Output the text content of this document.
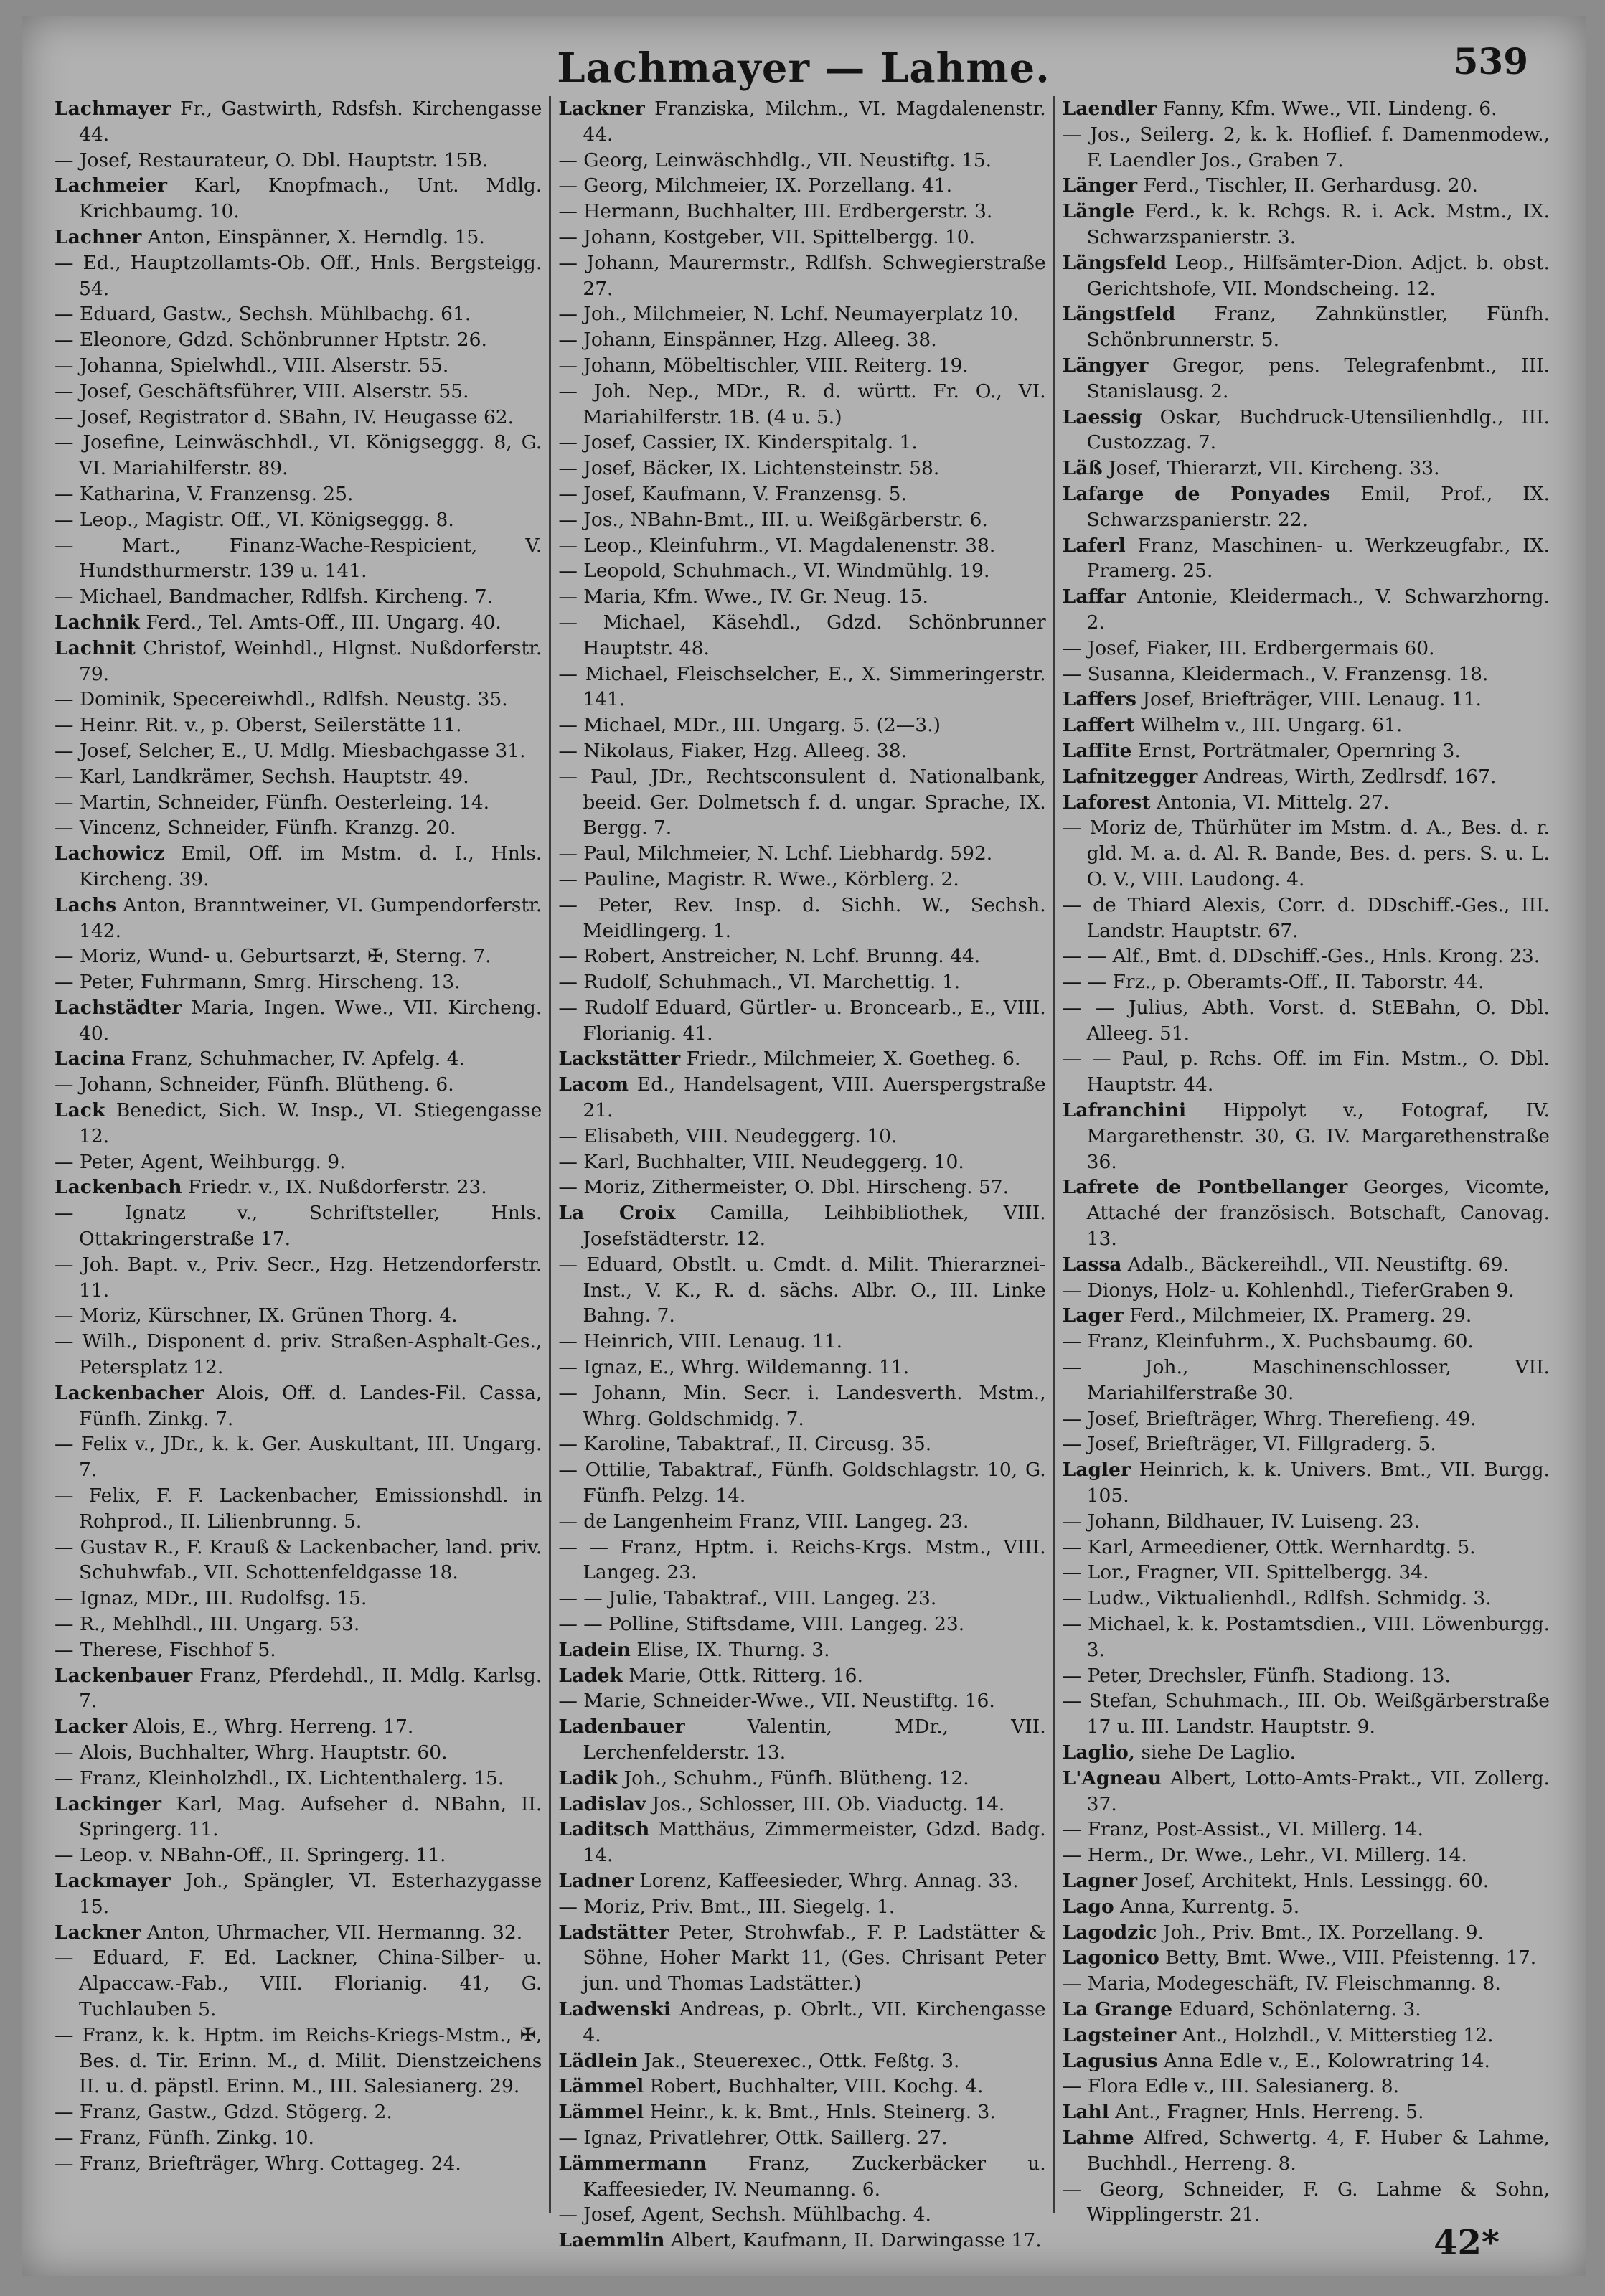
Lachmayer — Lahme.	539

Lachmayer Fr., Gastwirth, Rdsfsh. Kirchengasse 44.

— Josef, Restaurateur, O. Dbl. Hauptstr. 15B.

Lachmeier Karl, Knopfmach., Unt. Mdlg. Krichbaumg. 10.

Lachner Anton, Einspänner, X. Herndlg. 15.

— Ed., Hauptzollamts-Ob. Off., Hnls. Bergsteigg. 54.

— Eduard, Gastw., Sechsh. Mühlbachg. 61.

— Eleonore, Gdzd. Schönbrunner Hptstr. 26.

— Johanna, Spielwhdl., VIII. Alserstr. 55.

— Josef, Geschäftsführer, VIII. Alserstr. 55.

— Josef, Registrator d. SBahn, IV. Heugasse 62.

— Josefine, Leinwäschhdl., VI. Königseggg. 8, G. VI. Mariahilferstr. 89.

— Katharina, V. Franzensg. 25.

— Leop., Magistr. Off., VI. Königseggg. 8.

— Mart., Finanz-Wache-Respicient, V. Hundsthurmerstr. 139 u. 141.

— Michael, Bandmacher, Rdlfsh. Kircheng. 7.

Lachnik Ferd., Tel. Amts-Off., III. Ungarg. 40.

Lachnit Christof, Weinhdl., Hlgnst. Nußdorferstr. 79.

— Dominik, Specereiwhdl., Rdlfsh. Neustg. 35.

— Heinr. Rit. v., p. Oberst, Seilerstätte 11.

— Josef, Selcher, E., U. Mdlg. Miesbachgasse 31.

— Karl, Landkrämer, Sechsh. Hauptstr. 49.

— Martin, Schneider, Fünfh. Oesterleing. 14.

— Vincenz, Schneider, Fünfh. Kranzg. 20.

Lachowicz Emil, Off. im Mstm. d. I., Hnls. Kircheng. 39.

Lachs Anton, Branntweiner, VI. Gumpendorferstr. 142.

— Moriz, Wund- u. Geburtsarzt, ✠, Sterng. 7.

— Peter, Fuhrmann, Smrg. Hirscheng. 13.

Lachstädter Maria, Ingen. Wwe., VII. Kircheng. 40.

Lacina Franz, Schuhmacher, IV. Apfelg. 4.

— Johann, Schneider, Fünfh. Blütheng. 6.

Lack Benedict, Sich. W. Insp., VI. Stiegengasse 12.

— Peter, Agent, Weihburgg. 9.

Lackenbach Friedr. v., IX. Nußdorferstr. 23.

— Ignatz v., Schriftsteller, Hnls. Ottakringerstraße 17.

— Joh. Bapt. v., Priv. Secr., Hzg. Hetzendorferstr. 11.

— Moriz, Kürschner, IX. Grünen Thorg. 4.

— Wilh., Disponent d. priv. Straßen-Asphalt-Ges., Petersplatz 12.

Lackenbacher Alois, Off. d. Landes-Fil. Cassa, Fünfh. Zinkg. 7.

— Felix v., JDr., k. k. Ger. Auskultant, III. Ungarg. 7.

— Felix, F. F. Lackenbacher, Emissionshdl. in Rohprod., II. Lilienbrunng. 5.

— Gustav R., F. Krauß & Lackenbacher, land. priv. Schuhwfab., VII. Schottenfeldgasse 18.

— Ignaz, MDr., III. Rudolfsg. 15.

— R., Mehlhdl., III. Ungarg. 53.

— Therese, Fischhof 5.

Lackenbauer Franz, Pferdehdl., II. Mdlg. Karlsg. 7.

Lacker Alois, E., Whrg. Herreng. 17.

— Alois, Buchhalter, Whrg. Hauptstr. 60.

— Franz, Kleinholzhdl., IX. Lichtenthalerg. 15.

Lackinger Karl, Mag. Aufseher d. NBahn, II. Springerg. 11.

— Leop. v. NBahn-Off., II. Springerg. 11.

Lackmayer Joh., Spängler, VI. Esterhazygasse 15.

Lackner Anton, Uhrmacher, VII. Hermanng. 32.

— Eduard, F. Ed. Lackner, China-Silber- u. Alpaccaw.-Fab., VIII. Florianig. 41, G. Tuchlauben 5.

— Franz, k. k. Hptm. im Reichs-Kriegs-Mstm., ✠, Bes. d. Tir. Erinn. M., d. Milit. Dienstzeichens II. u. d. päpstl. Erinn. M., III. Salesianerg. 29.

— Franz, Gastw., Gdzd. Stögerg. 2.

— Franz, Fünfh. Zinkg. 10.

— Franz, Briefträger, Whrg. Cottageg. 24.

Lackner Franziska, Milchm., VI. Magdalenenstr. 44.

— Georg, Leinwäschhdlg., VII. Neustiftg. 15.

— Georg, Milchmeier, IX. Porzellang. 41.

— Hermann, Buchhalter, III. Erdbergerstr. 3.

— Johann, Kostgeber, VII. Spittelbergg. 10.

— Johann, Maurermstr., Rdlfsh. Schwegierstraße 27.

— Joh., Milchmeier, N. Lchf. Neumayerplatz 10.

— Johann, Einspänner, Hzg. Alleeg. 38.

— Johann, Möbeltischler, VIII. Reiterg. 19.

— Joh. Nep., MDr., R. d. württ. Fr. O., VI. Mariahilferstr. 1B. (4 u. 5.)

— Josef, Cassier, IX. Kinderspitalg. 1.

— Josef, Bäcker, IX. Lichtensteinstr. 58.

— Josef, Kaufmann, V. Franzensg. 5.

— Jos., NBahn-Bmt., III. u. Weißgärberstr. 6.

— Leop., Kleinfuhrm., VI. Magdalenenstr. 38.

— Leopold, Schuhmach., VI. Windmühlg. 19.

— Maria, Kfm. Wwe., IV. Gr. Neug. 15.

— Michael, Käsehdl., Gdzd. Schönbrunner Hauptstr. 48.

— Michael, Fleischselcher, E., X. Simmeringerstr. 141.

— Michael, MDr., III. Ungarg. 5. (2—3.)

— Nikolaus, Fiaker, Hzg. Alleeg. 38.

— Paul, JDr., Rechtsconsulent d. Nationalbank, beeid. Ger. Dolmetsch f. d. ungar. Sprache, IX. Bergg. 7.

— Paul, Milchmeier, N. Lchf. Liebhardg. 592.

— Pauline, Magistr. R. Wwe., Körblerg. 2.

— Peter, Rev. Insp. d. Sichh. W., Sechsh. Meidlingerg. 1.

— Robert, Anstreicher, N. Lchf. Brunng. 44.

— Rudolf, Schuhmach., VI. Marchettig. 1.

— Rudolf Eduard, Gürtler- u. Broncearb., E., VIII. Florianig. 41.

Lackstätter Friedr., Milchmeier, X. Goetheg. 6.

Lacom Ed., Handelsagent, VIII. Auerspergstraße 21.

— Elisabeth, VIII. Neudeggerg. 10.

— Karl, Buchhalter, VIII. Neudeggerg. 10.

— Moriz, Zithermeister, O. Dbl. Hirscheng. 57.

La Croix Camilla, Leihbibliothek, VIII. Josefstädterstr. 12.

— Eduard, Obstlt. u. Cmdt. d. Milit. Thierarznei-Inst., V. K., R. d. sächs. Albr. O., III. Linke Bahng. 7.

— Heinrich, VIII. Lenaug. 11.

— Ignaz, E., Whrg. Wildemanng. 11.

— Johann, Min. Secr. i. Landesverth. Mstm., Whrg. Goldschmidg. 7.

— Karoline, Tabaktraf., II. Circusg. 35.

— Ottilie, Tabaktraf., Fünfh. Goldschlagstr. 10, G. Fünfh. Pelzg. 14.

— de Langenheim Franz, VIII. Langeg. 23.

— — Franz, Hptm. i. Reichs-Krgs. Mstm., VIII. Langeg. 23.

— — Julie, Tabaktraf., VIII. Langeg. 23.

— — Polline, Stiftsdame, VIII. Langeg. 23.

Ladein Elise, IX. Thurng. 3.

Ladek Marie, Ottk. Ritterg. 16.

— Marie, Schneider-Wwe., VII. Neustiftg. 16.

Ladenbauer Valentin, MDr., VII. Lerchenfelderstr. 13.

Ladik Joh., Schuhm., Fünfh. Blütheng. 12.

Ladislav Jos., Schlosser, III. Ob. Viaductg. 14.

Laditsch Matthäus, Zimmermeister, Gdzd. Badg. 14.

Ladner Lorenz, Kaffeesieder, Whrg. Annag. 33.

— Moriz, Priv. Bmt., III. Siegelg. 1.

Ladstätter Peter, Strohwfab., F. P. Ladstätter & Söhne, Hoher Markt 11, (Ges. Chrisant Peter jun. und Thomas Ladstätter.)

Ladwenski Andreas, p. Obrlt., VII. Kirchengasse 4.

Lädlein Jak., Steuerexec., Ottk. Feßtg. 3.

Lämmel Robert, Buchhalter, VIII. Kochg. 4.

Lämmel Heinr., k. k. Bmt., Hnls. Steinerg. 3.

— Ignaz, Privatlehrer, Ottk. Saillerg. 27.

Lämmermann Franz, Zuckerbäcker u. Kaffeesieder, IV. Neumanng. 6.

— Josef, Agent, Sechsh. Mühlbachg. 4.

Laemmlin Albert, Kaufmann, II. Darwingasse 17.

Laendler Fanny, Kfm. Wwe., VII. Lindeng. 6.

— Jos., Seilerg. 2, k. k. Hoflief. f. Damenmodew., F. Laendler Jos., Graben 7.

Länger Ferd., Tischler, II. Gerhardusg. 20.

Längle Ferd., k. k. Rchgs. R. i. Ack. Mstm., IX. Schwarzspanierstr. 3.

Längsfeld Leop., Hilfsämter-Dion. Adjct. b. obst. Gerichtshofe, VII. Mondscheing. 12.

Längstfeld Franz, Zahnkünstler, Fünfh. Schönbrunnerstr. 5.

Längyer Gregor, pens. Telegrafenbmt., III. Stanislausg. 2.

Laessig Oskar, Buchdruck-Utensilienhdlg., III. Custozzag. 7.

Läß Josef, Thierarzt, VII. Kircheng. 33.

Lafarge de Ponyades Emil, Prof., IX. Schwarzspanierstr. 22.

Laferl Franz, Maschinen- u. Werkzeugfabr., IX. Pramerg. 25.

Laffar Antonie, Kleidermach., V. Schwarzhorng. 2.

— Josef, Fiaker, III. Erdbergermais 60.

— Susanna, Kleidermach., V. Franzensg. 18.

Laffers Josef, Briefträger, VIII. Lenaug. 11.

Laffert Wilhelm v., III. Ungarg. 61.

Laffite Ernst, Porträtmaler, Opernring 3.

Lafnitzegger Andreas, Wirth, Zedlrsdf. 167.

Laforest Antonia, VI. Mittelg. 27.

— Moriz de, Thürhüter im Mstm. d. A., Bes. d. r. gld. M. a. d. Al. R. Bande, Bes. d. pers. S. u. L. O. V., VIII. Laudong. 4.

— de Thiard Alexis, Corr. d. DDschiff.-Ges., III. Landstr. Hauptstr. 67.

— — Alf., Bmt. d. DDschiff.-Ges., Hnls. Krong. 23.

— — Frz., p. Oberamts-Off., II. Taborstr. 44.

— — Julius, Abth. Vorst. d. StEBahn, O. Dbl. Alleeg. 51.

— — Paul, p. Rchs. Off. im Fin. Mstm., O. Dbl. Hauptstr. 44.

Lafranchini Hippolyt v., Fotograf, IV. Margarethenstr. 30, G. IV. Margarethenstraße 36.

Lafrete de Pontbellanger Georges, Vicomte, Attaché der französisch. Botschaft, Canovag. 13.

Lassa Adalb., Bäckereihdl., VII. Neustiftg. 69.

— Dionys, Holz- u. Kohlenhdl., TieferGraben 9.

Lager Ferd., Milchmeier, IX. Pramerg. 29.

— Franz, Kleinfuhrm., X. Puchsbaumg. 60.

— Joh., Maschinenschlosser, VII. Mariahilferstraße 30.

— Josef, Briefträger, Whrg. Therefieng. 49.

— Josef, Briefträger, VI. Fillgraderg. 5.

Lagler Heinrich, k. k. Univers. Bmt., VII. Burgg. 105.

— Johann, Bildhauer, IV. Luiseng. 23.

— Karl, Armeediener, Ottk. Wernhardtg. 5.

— Lor., Fragner, VII. Spittelbergg. 34.

— Ludw., Viktualienhdl., Rdlfsh. Schmidg. 3.

— Michael, k. k. Postamtsdien., VIII. Löwenburgg. 3.

— Peter, Drechsler, Fünfh. Stadiong. 13.

— Stefan, Schuhmach., III. Ob. Weißgärberstraße 17 u. III. Landstr. Hauptstr. 9.

Laglio, siehe De Laglio.

L'Agneau Albert, Lotto-Amts-Prakt., VII. Zollerg. 37.

— Franz, Post-Assist., VI. Millerg. 14.

— Herm., Dr. Wwe., Lehr., VI. Millerg. 14.

Lagner Josef, Architekt, Hnls. Lessingg. 60.

Lago Anna, Kurrentg. 5.

Lagodzic Joh., Priv. Bmt., IX. Porzellang. 9.

Lagonico Betty, Bmt. Wwe., VIII. Pfeistenng. 17.

— Maria, Modegeschäft, IV. Fleischmanng. 8.

La Grange Eduard, Schönlaterng. 3.

Lagsteiner Ant., Holzhdl., V. Mitterstieg 12.

Lagusius Anna Edle v., E., Kolowratring 14.

— Flora Edle v., III. Salesianerg. 8.

Lahl Ant., Fragner, Hnls. Herreng. 5.

Lahme Alfred, Schwertg. 4, F. Huber & Lahme, Buchhdl., Herreng. 8.

— Georg, Schneider, F. G. Lahme & Sohn, Wipplingerstr. 21.

42*
